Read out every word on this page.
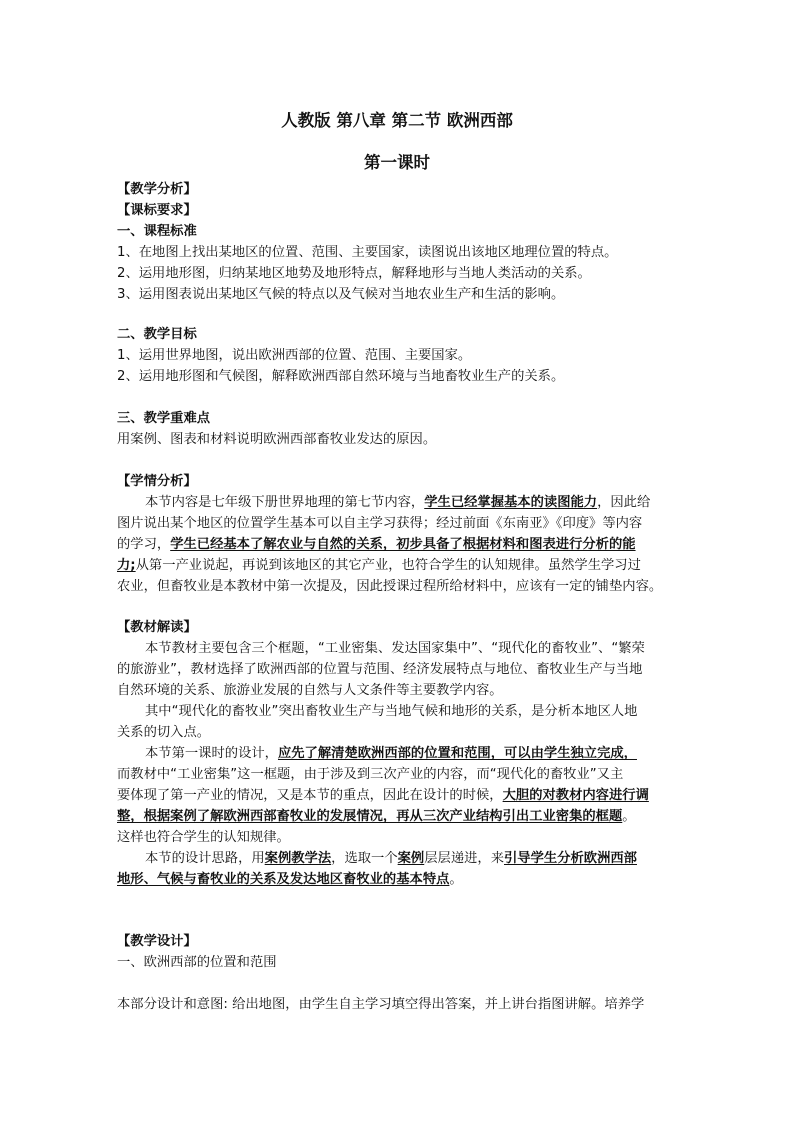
人教版 第八章 第二节 欧洲西部
第一课时
【教学分析】
【课标要求】
一、课程标准
1、在地图上找出某地区的位置、范围、主要国家，读图说出该地区地理位置的特点。
2、运用地形图，归纳某地区地势及地形特点，解释地形与当地人类活动的关系。
3、运用图表说出某地区气候的特点以及气候对当地农业生产和生活的影响。
二、教学目标
1、运用世界地图，说出欧洲西部的位置、范围、主要国家。
2、运用地形图和气候图，解释欧洲西部自然环境与当地畜牧业生产的关系。
三、教学重难点
用案例、图表和材料说明欧洲西部畜牧业发达的原因。
【学情分析】
本节内容是七年级下册世界地理的第七节内容，学生已经掌握基本的读图能力，因此给
图片说出某个地区的位置学生基本可以自主学习获得；经过前面《东南亚》《印度》等内容
的学习，学生已经基本了解农业与自然的关系，初步具备了根据材料和图表进行分析的能
力;从第一产业说起，再说到该地区的其它产业，也符合学生的认知规律。虽然学生学习过
农业，但畜牧业是本教材中第一次提及，因此授课过程所给材料中，应该有一定的铺垫内容。
【教材解读】
本节教材主要包含三个框题，“工业密集、发达国家集中”、“现代化的畜牧业”、“繁荣
的旅游业”，教材选择了欧洲西部的位置与范围、经济发展特点与地位、畜牧业生产与当地
自然环境的关系、旅游业发展的自然与人文条件等主要教学内容。
其中“现代化的畜牧业”突出畜牧业生产与当地气候和地形的关系，是分析本地区人地
关系的切入点。
本节第一课时的设计，应先了解清楚欧洲西部的位置和范围，可以由学生独立完成，
而教材中“工业密集”这一框题，由于涉及到三次产业的内容，而“现代化的畜牧业”又主
要体现了第一产业的情况，又是本节的重点，因此在设计的时候，大胆的对教材内容进行调
整，根据案例了解欧洲西部畜牧业的发展情况，再从三次产业结构引出工业密集的框题。
这样也符合学生的认知规律。
本节的设计思路，用案例教学法，选取一个案例层层递进，来引导学生分析欧洲西部
地形、气候与畜牧业的关系及发达地区畜牧业的基本特点。
【教学设计】
一、欧洲西部的位置和范围
本部分设计和意图: 给出地图，由学生自主学习填空得出答案，并上讲台指图讲解。培养学
